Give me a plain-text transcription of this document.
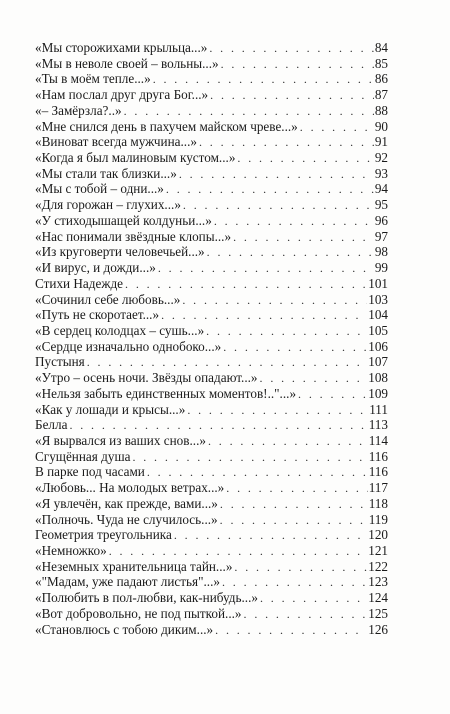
«Мы сторожихами крыльца...» . . .	84
«Мы в неволе своей – вольны...» . . .	85
«Ты в моём тепле...» . . .	86
«Нам послал друг друга Бог...» . . .	87
«– Замёрзла?..» . . .	88
«Мне снился день в пахучем майском чреве...» . . .	90
«Виноват всегда мужчина...» . . .	91
«Когда я был малиновым кустом...» . . .	92
«Мы стали так близки...» . . .	93
«Мы с тобой – одни...» . . .	94
«Для горожан – глухих...» . . .	95
«У стиходышащей колдуньи...» . . .	96
«Нас понимали звёздные клопы...» . . .	97
«Из круговерти человечьей...» . . .	98
«И вирус, и дожди...» . . .	99
Стихи Надежде . . .	101
«Сочинил себе любовь...» . . .	103
«Путь не скоротает...» . . .	104
«В сердец колодцах – сушь...» . . .	105
«Сердце изначально однобоко...» . . .	106
Пустыня . . .	107
«Утро – осень ночи. Звёзды опадают...» . . .	108
«Нельзя забыть единственных моментов!.."...» . . .	109
«Как у лошади и крысы...» . . .	111
Белла . . .	113
«Я вырвался из ваших снов...» . . .	114
Сгущённая душа . . .	116
В парке под часами . . .	116
«Любовь... На молодых ветрах...» . . .	117
«Я увлечён, как прежде, вами...» . . .	118
«Полночь. Чуда не случилось...» . . .	119
Геометрия треугольника . . .	120
«Немножко» . . .	121
«Неземных хранительница тайн...» . . .	122
«"Мадам, уже падают листья"...» . . .	123
«Полюбить в пол-любви, как-нибудь...» . . .	124
«Вот добровольно, не под пыткой...» . . .	125
«Становлюсь с тобою диким...» . . .	126
